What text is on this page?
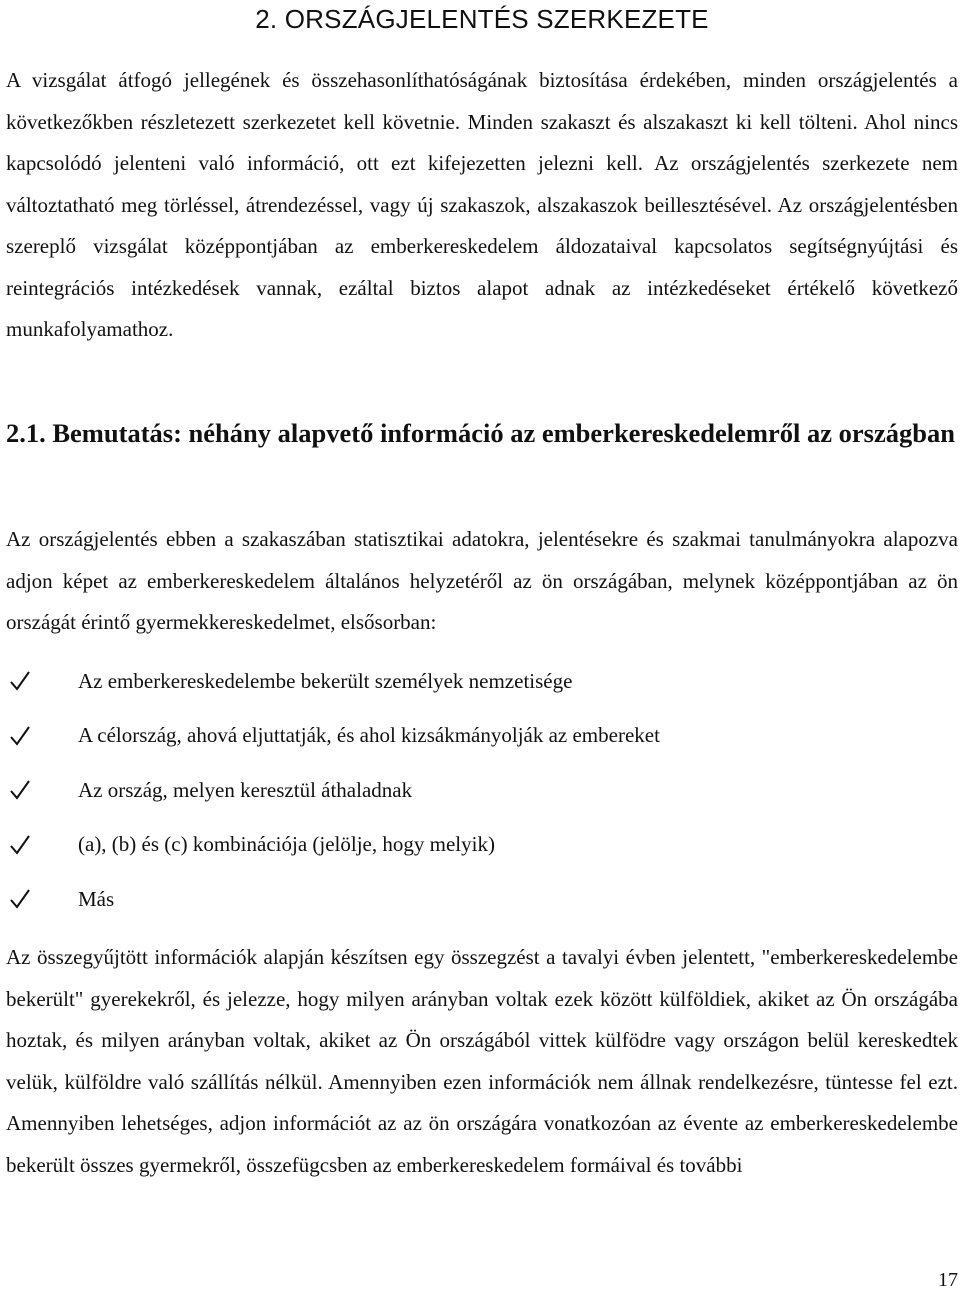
2. ORSZÁGJELENTÉS SZERKEZETE

A vizsgálat átfogó jellegének és összehasonlíthatóságának biztosítása érdekében, minden országjelentés a következőkben részletezett szerkezetet kell követnie. Minden szakaszt és alszakaszt ki kell tölteni. Ahol nincs kapcsolódó jelenteni való információ, ott ezt kifejezetten jelezni kell. Az országjelentés szerkezete nem változtatható meg törléssel, átrendezéssel, vagy új szakaszok, alszakaszok beillesztésével. Az országjelentésben szereplő vizsgálat középpontjában az emberkereskedelem áldozataival kapcsolatos segítségnyújtási és reintegrációs intézkedések vannak, ezáltal biztos alapot adnak az intézkedéseket értékelő következő munkafolyamathoz.

2.1. Bemutatás: néhány alapvető információ az emberkereskedelemről az országban

Az országjelentés ebben a szakaszában statisztikai adatokra, jelentésekre és szakmai tanulmányokra alapozva adjon képet az emberkereskedelem általános helyzetéről az ön országában, melynek középpontjában az ön országát érintő gyermekkereskedelmet, elsősorban:

Az emberkereskedelembe bekerült személyek nemzetisége
A célország, ahová eljuttatják, és ahol kizsákmányolják az embereket
Az ország, melyen keresztül áthaladnak
(a), (b) és (c) kombinációja (jelölje, hogy melyik)
Más

Az összegyűjtött információk alapján készítsen egy összegzést a tavalyi évben jelentett, "emberkereskedelembe bekerült" gyerekekről, és jelezze, hogy milyen arányban voltak ezek között külföldiek, akiket az Ön országába hoztak, és milyen arányban voltak, akiket az Ön országából vittek külfödre vagy országon belül kereskedtek velük, külföldre való szállítás nélkül. Amennyiben ezen információk nem állnak rendelkezésre, tüntesse fel ezt. Amennyiben lehetséges, adjon információt az az ön országára vonatkozóan az évente az emberkereskedelembe bekerült összes gyermekről, összefügcsben az emberkereskedelem formáival és további

17
